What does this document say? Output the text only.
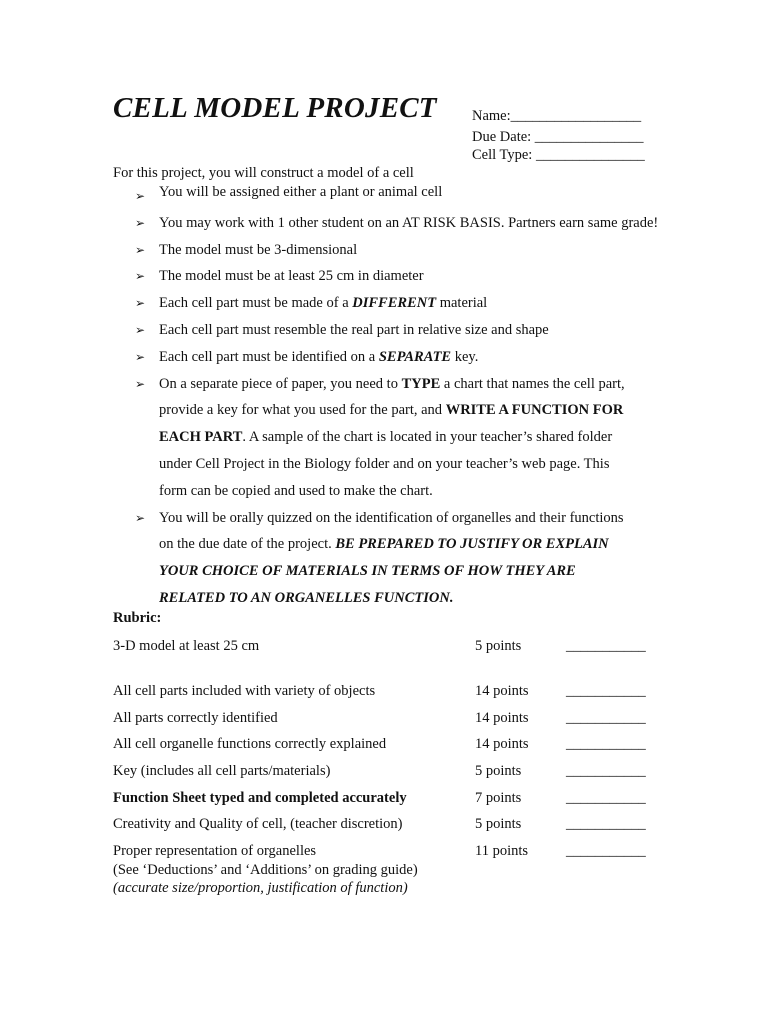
CELL MODEL PROJECT Name:__________________
Due Date: _______________
Cell Type: _______________
For this project, you will construct a model of a cell
➢ You will be assigned either a plant or animal cell
➢ You may work with 1 other student on an AT RISK BASIS. Partners earn same grade!
➢ The model must be 3-dimensional
➢ The model must be at least 25 cm in diameter
➢ Each cell part must be made of a DIFFERENT material
➢ Each cell part must resemble the real part in relative size and shape
➢ Each cell part must be identified on a SEPARATE key.
➢ On a separate piece of paper, you need to TYPE a chart that names the cell part,
provide a key for what you used for the part, and WRITE A FUNCTION FOR
EACH PART. A sample of the chart is located in your teacher’s shared folder
under Cell Project in the Biology folder and on your teacher’s web page. This
form can be copied and used to make the chart.
➢ You will be orally quizzed on the identification of organelles and their functions
on the due date of the project. BE PREPARED TO JUSTIFY OR EXPLAIN
YOUR CHOICE OF MATERIALS IN TERMS OF HOW THEY ARE
RELATED TO AN ORGANELLES FUNCTION.
Rubric:
3-D model at least 25 cm	5 points	___________
All cell parts included with variety of objects	14 points	___________
All parts correctly identified	14 points	___________
All cell organelle functions correctly explained	14 points	___________
Key (includes all cell parts/materials)	5 points	___________
Function Sheet typed and completed accurately	7 points	___________
Creativity and Quality of cell, (teacher discretion)	5 points	___________
Proper representation of organelles	11 points	___________
(See ‘Deductions’ and ‘Additions’ on grading guide)
(accurate size/proportion, justification of function)
